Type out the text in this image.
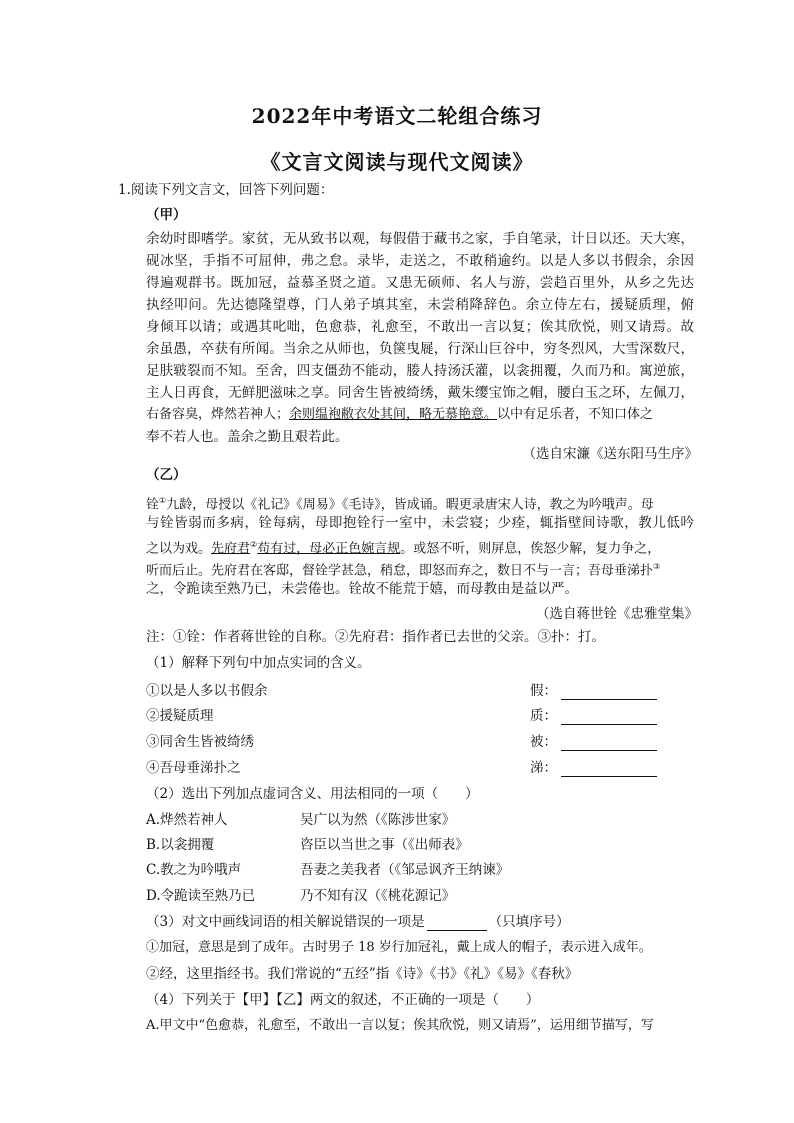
2022年中考语文二轮组合练习
《文言文阅读与现代文阅读》
1.阅读下列文言文，回答下列问题：
（甲）
余幼时即嗜学。家贫，无从致书以观，每假借于藏书之家，手自笔录，计日以还。天大寒，
砚冰坚，手指不可屈伸，弗之怠。录毕，走送之，不敢稍逾约。以是人多以书假余，余因
得遍观群书。既加冠，益慕圣贤之道。又患无硕师、名人与游，尝趋百里外，从乡之先达
执经叩问。先达德隆望尊，门人弟子填其室，未尝稍降辞色。余立侍左右，援疑质理，俯
身倾耳以请；或遇其叱咄，色愈恭，礼愈至，不敢出一言以复；俟其欣悦，则又请焉。故
余虽愚，卒获有所闻。当余之从师也，负箧曳屣，行深山巨谷中，穷冬烈风，大雪深数尺，
足肤皲裂而不知。至舍，四支僵劲不能动，媵人持汤沃灌，以衾拥覆，久而乃和。寓逆旅，
主人日再食，无鲜肥滋味之享。同舍生皆被绮绣，戴朱缨宝饰之帽，腰白玉之环，左佩刀，
右备容臭，烨然若神人；余则缊袍敝衣处其间，略无慕艳意。以中有足乐者，不知口体之
奉不若人也。盖余之勤且艰若此。
（选自宋濂《送东阳马生序》
（乙）
铨①九龄，母授以《礼记》《周易》《毛诗》，皆成诵。暇更录唐宋人诗，教之为吟哦声。母
与铨皆弱而多病，铨每病，母即抱铨行一室中，未尝寝；少痊，辄指壁间诗歌，教儿低吟
之以为戏。先府君②苟有过，母必正色婉言规。或怒不听，则屏息，俟怒少解，复力争之，
听而后止。先府君在客邸，督铨学甚急，稍怠，即怒而弃之，数日不与一言；吾母垂涕扑③
之，令跪读至熟乃已，未尝倦也。铨故不能荒于嬉，而母教由是益以严。
（选自蒋世铨《忠雅堂集》
注：①铨：作者蒋世铨的自称。②先府君：指作者已去世的父亲。③扑：打。
（1）解释下列句中加点实词的含义。
①以是人多以书假余	假：
②援疑质理	质：
③同舍生皆被绮绣	被：
④吾母垂涕扑之	涕：
（2）选出下列加点虚词含义、用法相同的一项（　　）
A.烨然若神人	吴广以为然（《陈涉世家》
B.以衾拥覆	咨臣以当世之事（《出师表》
C.教之为吟哦声	吾妻之美我者（《邹忌讽齐王纳谏》
D.令跪读至熟乃已	乃不知有汉（《桃花源记》
（3）对文中画线词语的相关解说错误的一项是	（只填序号）
①加冠，意思是到了成年。古时男子 18 岁行加冠礼，戴上成人的帽子，表示进入成年。
②经，这里指经书。我们常说的“五经”指《诗》《书》《礼》《易》《春秋》
（4）下列关于【甲】【乙】两文的叙述，不正确的一项是（　　）
A.甲文中“色愈恭，礼愈至，不敢出一言以复；俟其欣悦，则又请焉”，运用细节描写，写
